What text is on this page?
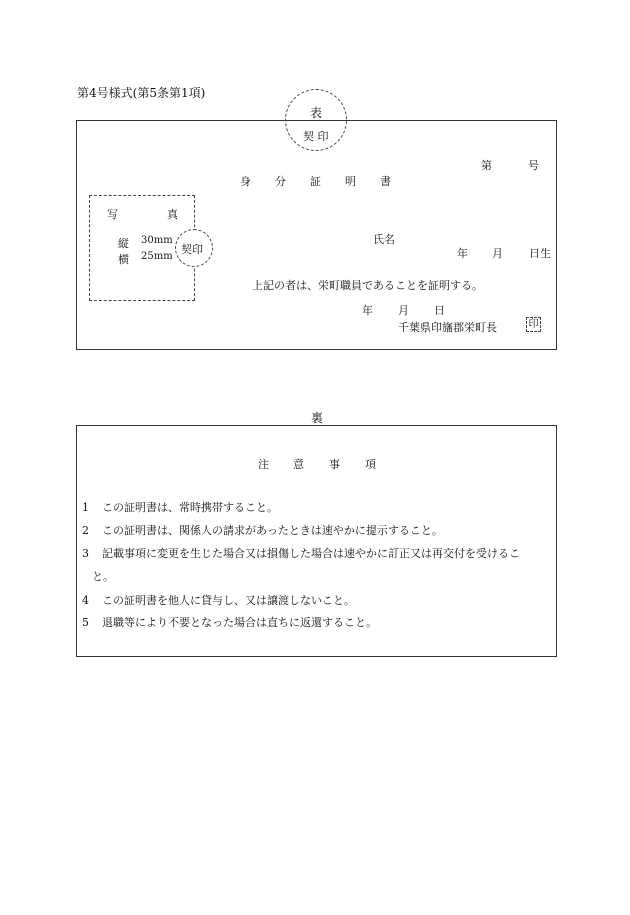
第4号様式(第5条第1項)
表
契 印
第	号
身 分 証 明 書
写	真
縦 30mm
横 25mm
契印
氏名
年 月 日生
上記の者は、栄町職員であることを証明する。
年 月 日
千葉県印旛郡栄町長	印
裏
注 意 事 項
1 この証明書は、常時携帯すること。
2 この証明書は、関係人の請求があったときは速やかに提示すること。
3 記載事項に変更を生じた場合又は損傷した場合は速やかに訂正又は再交付を受けるこ
と。
4 この証明書を他人に貸与し、又は譲渡しないこと。
5 退職等により不要となった場合は直ちに返還すること。
